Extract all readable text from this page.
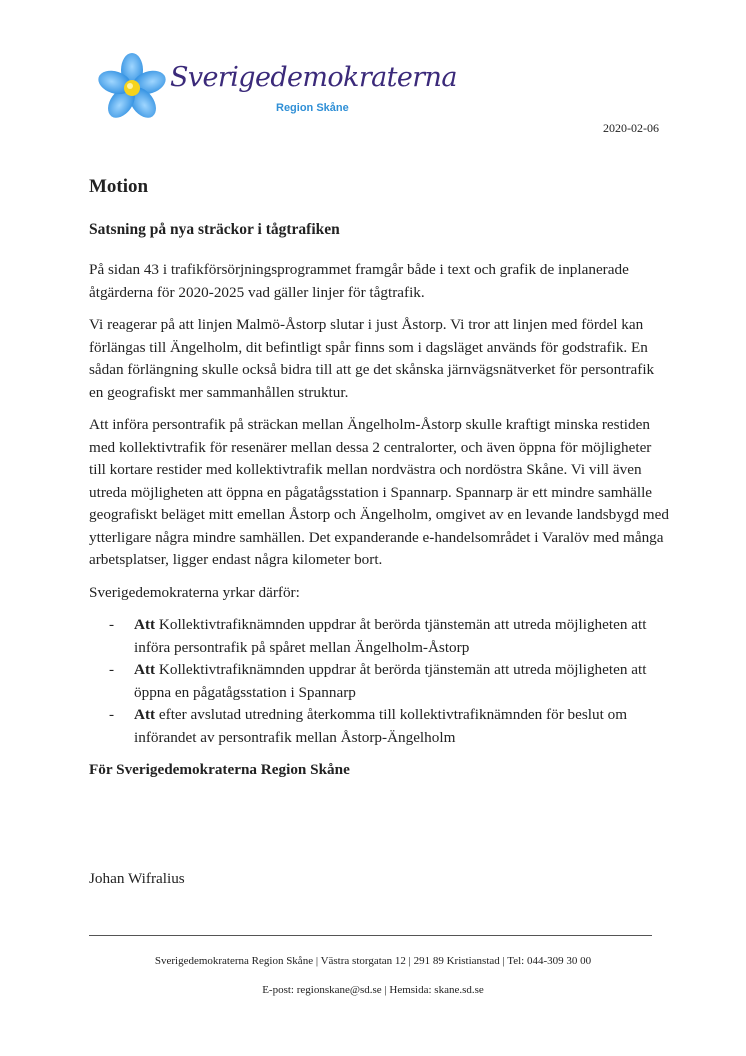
Sverigedemokraterna
Region Skåne
2020-02-06
Motion
Satsning på nya sträckor i tågtrafiken

På sidan 43 i trafikförsörjningsprogrammet framgår både i text och grafik de inplanerade åtgärderna för 2020-2025 vad gäller linjer för tågtrafik.

Vi reagerar på att linjen Malmö-Åstorp slutar i just Åstorp. Vi tror att linjen med fördel kan förlängas till Ängelholm, dit befintligt spår finns som i dagsläget används för godstrafik. En sådan förlängning skulle också bidra till att ge det skånska järnvägsnätverket för persontrafik en geografiskt mer sammanhållen struktur.

Att införa persontrafik på sträckan mellan Ängelholm-Åstorp skulle kraftigt minska restiden med kollektivtrafik för resenärer mellan dessa 2 centralorter, och även öppna för möjligheter till kortare restider med kollektivtrafik mellan nordvästra och nordöstra Skåne. Vi vill även utreda möjligheten att öppna en pågatågsstation i Spannarp. Spannarp är ett mindre samhälle geografiskt beläget mitt emellan Åstorp och Ängelholm, omgivet av en levande landsbygd med ytterligare några mindre samhällen. Det expanderande e-handelsområdet i Varalöv med många arbetsplatser, ligger endast några kilometer bort.

Sverigedemokraterna yrkar därför:

- Att Kollektivtrafiknämnden uppdrar åt berörda tjänstemän att utreda möjligheten att införa persontrafik på spåret mellan Ängelholm-Åstorp
- Att Kollektivtrafiknämnden uppdrar åt berörda tjänstemän att utreda möjligheten att öppna en pågatågsstation i Spannarp
- Att efter avslutad utredning återkomma till kollektivtrafiknämnden för beslut om införandet av persontrafik mellan Åstorp-Ängelholm

För Sverigedemokraterna Region Skåne

Johan Wifralius
Sverigedemokraterna Region Skåne | Västra storgatan 12 | 291 89 Kristianstad | Tel: 044-309 30 00
E-post: regionskane@sd.se | Hemsida: skane.sd.se
